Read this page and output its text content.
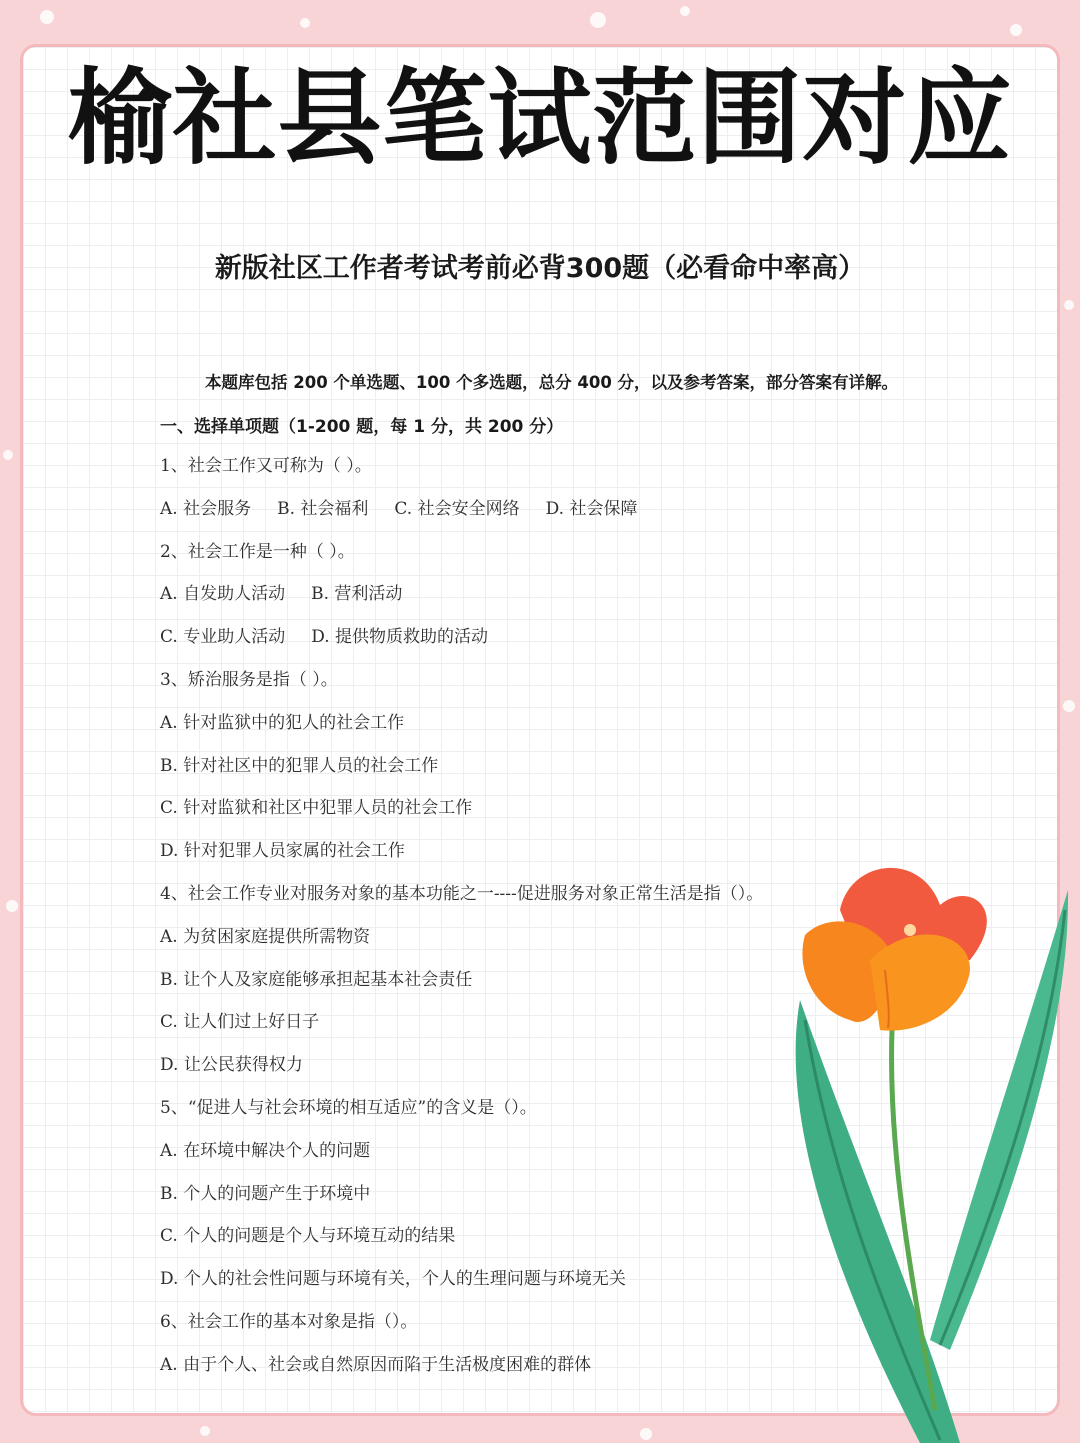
榆社县笔试范围对应
新版社区工作者考试考前必背300题（必看命中率高）
本题库包括 200 个单选题、100 个多选题，总分 400 分，以及参考答案，部分答案有详解。
一、选择单项题（1-200 题，每 1 分，共 200 分）
1、社会工作又可称为（ ）。
A. 社会服务 B. 社会福利 C. 社会安全网络 D. 社会保障
2、社会工作是一种（ ）。
A. 自发助人活动 B. 营利活动
C. 专业助人活动 D. 提供物质救助的活动
3、矫治服务是指（ ）。
A. 针对监狱中的犯人的社会工作
B. 针对社区中的犯罪人员的社会工作
C. 针对监狱和社区中犯罪人员的社会工作
D. 针对犯罪人员家属的社会工作
4、社会工作专业对服务对象的基本功能之一----促进服务对象正常生活是指（）。
A. 为贫困家庭提供所需物资
B. 让个人及家庭能够承担起基本社会责任
C. 让人们过上好日子
D. 让公民获得权力
5、“促进人与社会环境的相互适应”的含义是（）。
A. 在环境中解决个人的问题
B. 个人的问题产生于环境中
C. 个人的问题是个人与环境互动的结果
D. 个人的社会性问题与环境有关，个人的生理问题与环境无关
6、社会工作的基本对象是指（）。
A. 由于个人、社会或自然原因而陷于生活极度困难的群体
